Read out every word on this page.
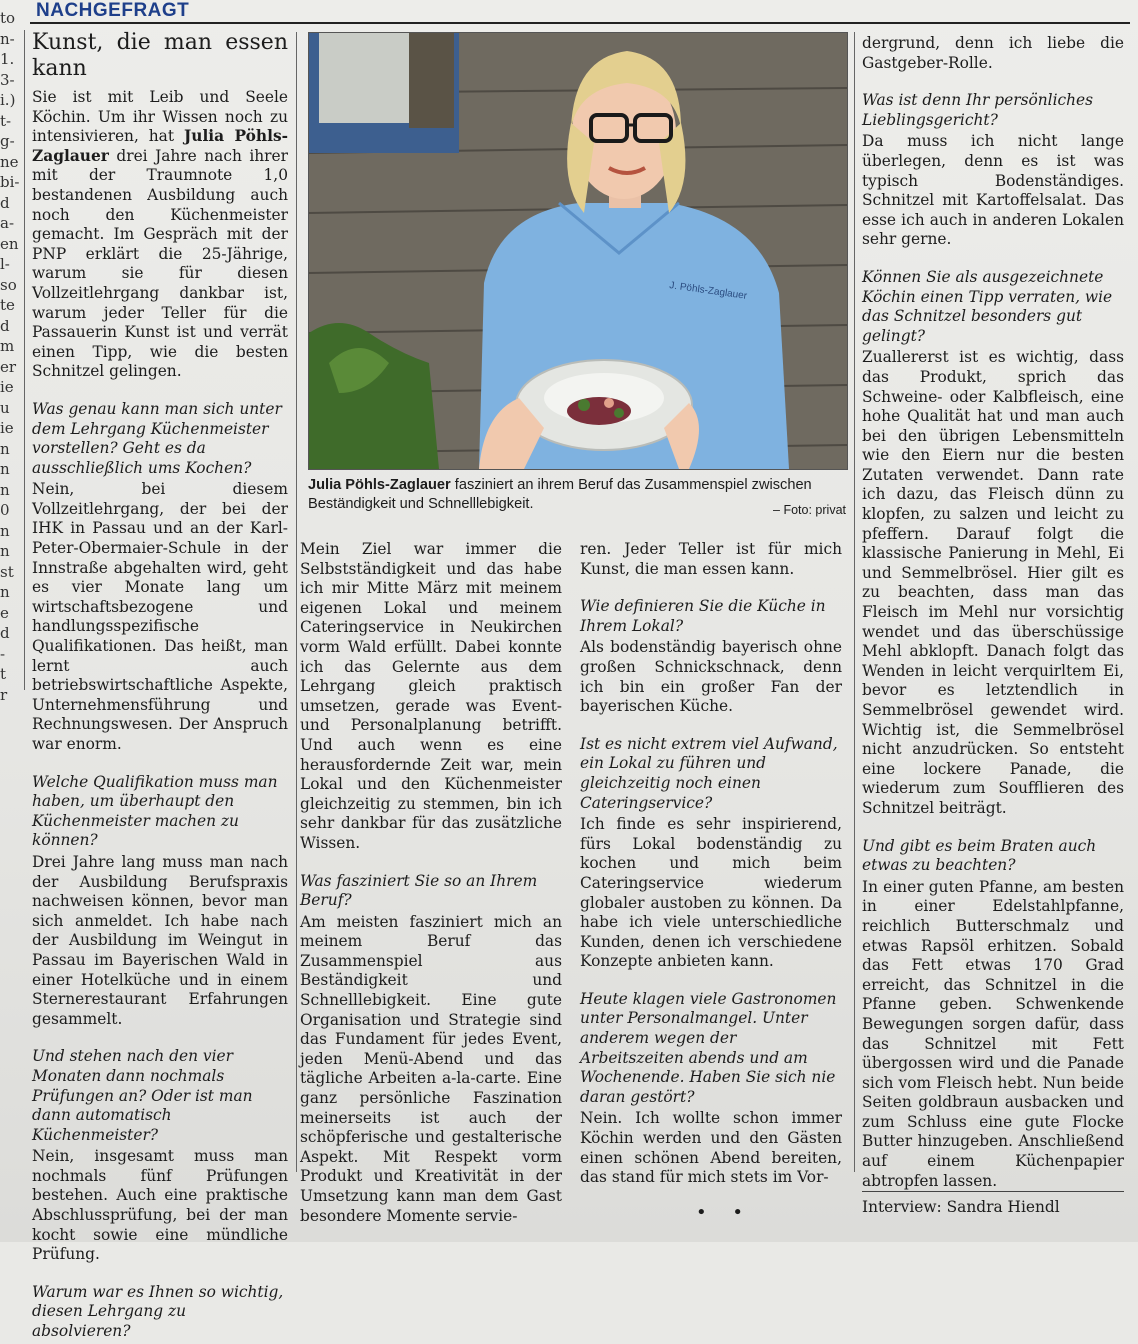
NACHGEFRAGT
to
n-
1.
3-
i.)
t-
g-
ne
bi-
d
a-
en
l-
so
te
d
m
er
ie
u
ie
n
n
n
0
n
n
st
n
e
d
-
t
r
Kunst, die man essen kann

Sie ist mit Leib und Seele Köchin. Um ihr Wissen noch zu intensivieren, hat Julia Pöhls-Zaglauer drei Jahre nach ihrer mit der Traumnote 1,0 bestandenen Ausbildung auch noch den Küchenmeister gemacht. Im Gespräch mit der PNP erklärt die 25-Jährige, warum sie für diesen Vollzeitlehrgang dankbar ist, warum jeder Teller für die Passauerin Kunst ist und verrät einen Tipp, wie die besten Schnitzel gelingen.

Was genau kann man sich unter dem Lehrgang Küchenmeister vorstellen? Geht es da ausschließlich ums Kochen?

Nein, bei diesem Vollzeitlehrgang, der bei der IHK in Passau und an der Karl-Peter-Obermaier-Schule in der Innstraße abgehalten wird, geht es vier Monate lang um wirtschaftsbezogene und handlungsspezifische Qualifikationen. Das heißt, man lernt auch betriebswirtschaftliche Aspekte, Unternehmensführung und Rechnungswesen. Der Anspruch war enorm.

Welche Qualifikation muss man haben, um überhaupt den Küchenmeister machen zu können?

Drei Jahre lang muss man nach der Ausbildung Berufspraxis nachweisen können, bevor man sich anmeldet. Ich habe nach der Ausbildung im Weingut in Passau im Bayerischen Wald in einer Hotelküche und in einem Sternerestaurant Erfahrungen gesammelt.

Und stehen nach den vier Monaten dann nochmals Prüfungen an? Oder ist man dann automatisch Küchenmeister?

Nein, insgesamt muss man nochmals fünf Prüfungen bestehen. Auch eine praktische Abschlussprüfung, bei der man kocht sowie eine mündliche Prüfung.

Warum war es Ihnen so wichtig, diesen Lehrgang zu absolvieren?

J. Pöhls-Zaglauer
Julia Pöhls-Zaglauer fasziniert an ihrem Beruf das Zusammenspiel zwischen Beständigkeit und Schnelllebigkeit.	– Foto: privat

Mein Ziel war immer die Selbstständigkeit und das habe ich mir Mitte März mit meinem eigenen Lokal und meinem Cateringservice in Neukirchen vorm Wald erfüllt. Dabei konnte ich das Gelernte aus dem Lehrgang gleich praktisch umsetzen, gerade was Event- und Personalplanung betrifft. Und auch wenn es eine herausfordernde Zeit war, mein Lokal und den Küchenmeister gleichzeitig zu stemmen, bin ich sehr dankbar für das zusätzliche Wissen.

Was fasziniert Sie so an Ihrem Beruf?

Am meisten fasziniert mich an meinem Beruf das Zusammenspiel aus Beständigkeit und Schnelllebigkeit. Eine gute Organisation und Strategie sind das Fundament für jedes Event, jeden Menü-Abend und das tägliche Arbeiten a-la-carte. Eine ganz persönliche Faszination meinerseits ist auch der schöpferische und gestalterische Aspekt. Mit Respekt vorm Produkt und Kreativität in der Umsetzung kann man dem Gast besondere Momente servie-

ren. Jeder Teller ist für mich Kunst, die man essen kann.

Wie definieren Sie die Küche in Ihrem Lokal?

Als bodenständig bayerisch ohne großen Schnickschnack, denn ich bin ein großer Fan der bayerischen Küche.

Ist es nicht extrem viel Aufwand, ein Lokal zu führen und gleichzeitig noch einen Cateringservice?

Ich finde es sehr inspirierend, fürs Lokal bodenständig zu kochen und mich beim Cateringservice wiederum globaler austoben zu können. Da habe ich viele unterschiedliche Kunden, denen ich verschiedene Konzepte anbieten kann.

Heute klagen viele Gastronomen unter Personalmangel. Unter anderem wegen der Arbeitszeiten abends und am Wochenende. Haben Sie sich nie daran gestört?

Nein. Ich wollte schon immer Köchin werden und den Gästen einen schönen Abend bereiten, das stand für mich stets im Vor-

dergrund, denn ich liebe die Gastgeber-Rolle.

Was ist denn Ihr persönliches Lieblingsgericht?

Da muss ich nicht lange überlegen, denn es ist was typisch Bodenständiges. Schnitzel mit Kartoffelsalat. Das esse ich auch in anderen Lokalen sehr gerne.

Können Sie als ausgezeichnete Köchin einen Tipp verraten, wie das Schnitzel besonders gut gelingt?

Zuallererst ist es wichtig, dass das Produkt, sprich das Schweine- oder Kalbfleisch, eine hohe Qualität hat und man auch bei den übrigen Lebensmitteln wie den Eiern nur die besten Zutaten verwendet. Dann rate ich dazu, das Fleisch dünn zu klopfen, zu salzen und leicht zu pfeffern. Darauf folgt die klassische Panierung in Mehl, Ei und Semmelbrösel. Hier gilt es zu beachten, dass man das Fleisch im Mehl nur vorsichtig wendet und das überschüssige Mehl abklopft. Danach folgt das Wenden in leicht verquirltem Ei, bevor es letztendlich in Semmelbrösel gewendet wird. Wichtig ist, die Semmelbrösel nicht anzudrücken. So entsteht eine lockere Panade, die wiederum zum Soufflieren des Schnitzel beiträgt.

Und gibt es beim Braten auch etwas zu beachten?

In einer guten Pfanne, am besten in einer Edelstahlpfanne, reichlich Butterschmalz und etwas Rapsöl erhitzen. Sobald das Fett etwas 170 Grad erreicht, das Schnitzel in die Pfanne geben. Schwenkende Bewegungen sorgen dafür, dass das Schnitzel mit Fett übergossen wird und die Panade sich vom Fleisch hebt. Nun beide Seiten goldbraun ausbacken und zum Schluss eine gute Flocke Butter hinzugeben. Anschließend auf einem Küchenpapier abtropfen lassen.

Interview: Sandra Hiendl

• •
